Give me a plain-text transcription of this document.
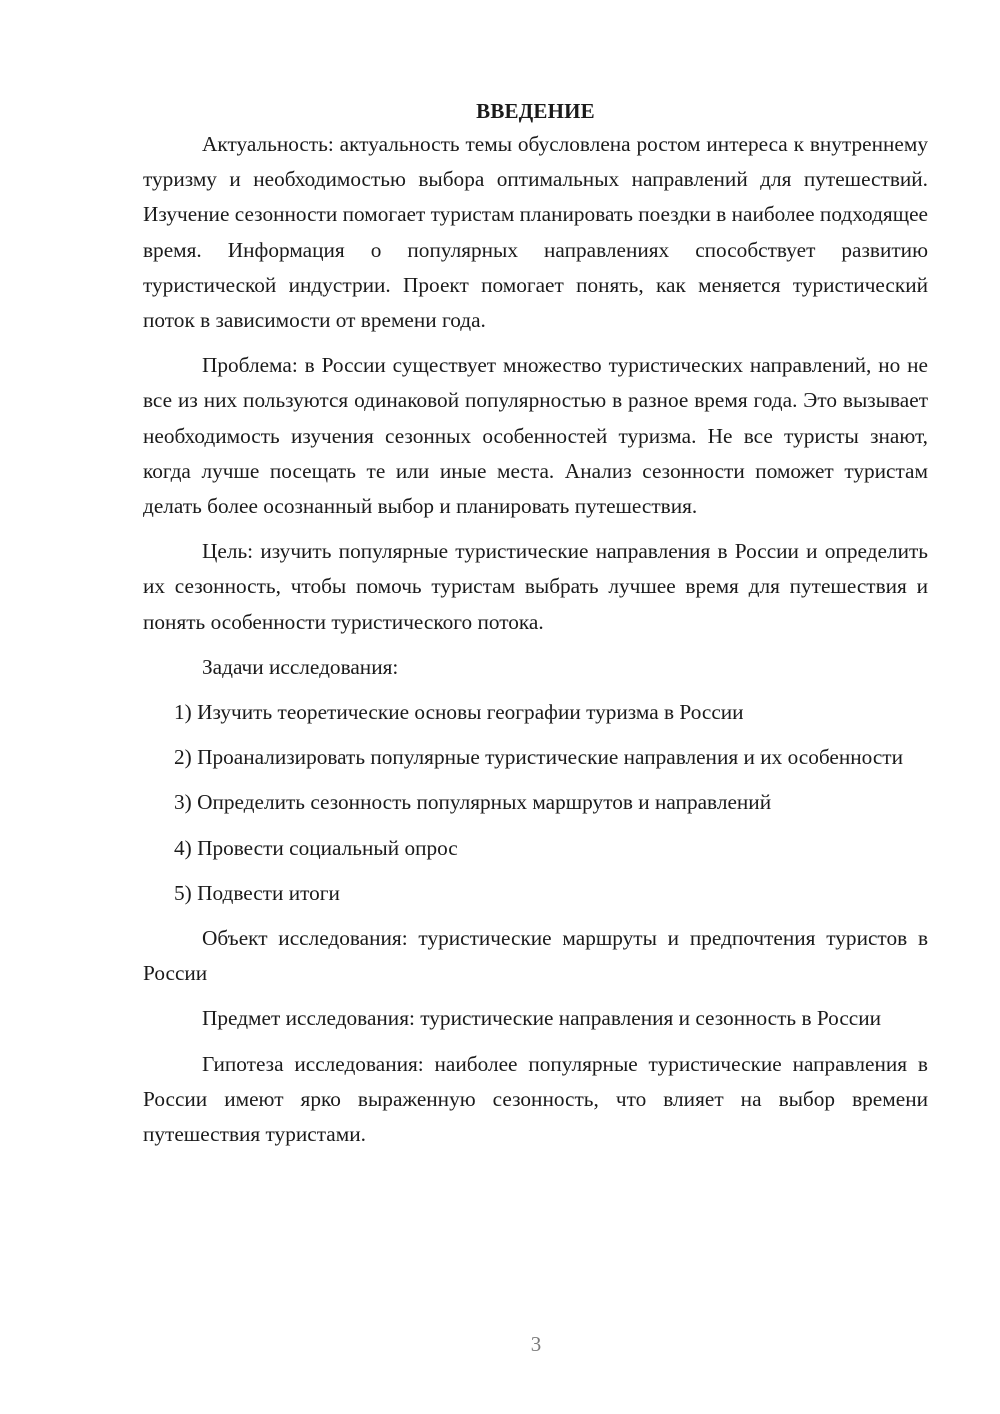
ВВЕДЕНИЕ

Актуальность: актуальность темы обусловлена ростом интереса к внутреннему туризму и необходимостью выбора оптимальных направлений для путешествий. Изучение сезонности помогает туристам планировать поездки в наиболее подходящее время. Информация о популярных направлениях способствует развитию туристической индустрии. Проект помогает понять, как меняется туристический поток в зависимости от времени года.

Проблема: в России существует множество туристических направлений, но не все из них пользуются одинаковой популярностью в разное время года. Это вызывает необходимость изучения сезонных особенностей туризма. Не все туристы знают, когда лучше посещать те или иные места. Анализ сезонности поможет туристам делать более осознанный выбор и планировать путешествия.

Цель: изучить популярные туристические направления в России и определить их сезонность, чтобы помочь туристам выбрать лучшее время для путешествия и понять особенности туристического потока.

Задачи исследования:

1) Изучить теоретические основы географии туризма в России

2) Проанализировать популярные туристические направления и их особенности

3) Определить сезонность популярных маршрутов и направлений

4) Провести социальный опрос

5) Подвести итоги

Объект исследования: туристические маршруты и предпочтения туристов в России

Предмет исследования: туристические направления и сезонность в России

Гипотеза исследования: наиболее популярные туристические направления в России имеют ярко выраженную сезонность, что влияет на выбор времени путешествия туристами.

3
